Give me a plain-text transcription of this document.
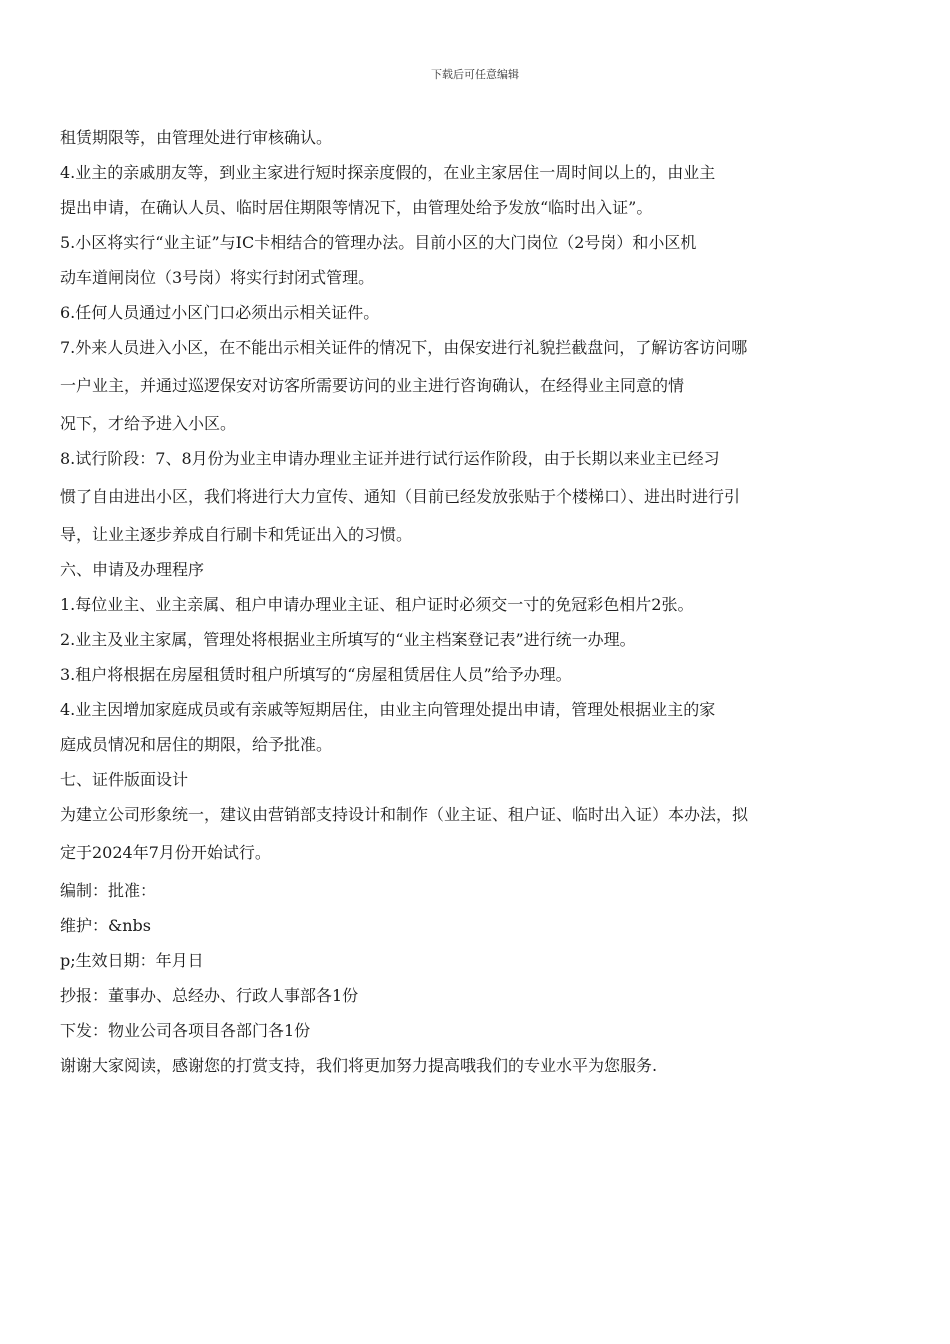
下载后可任意编辑
租赁期限等，由管理处进行审核确认。
4.业主的亲戚朋友等，到业主家进行短时探亲度假的，在业主家居住一周时间以上的，由业主
提出申请，在确认人员、临时居住期限等情况下，由管理处给予发放“临时出入证”。
5.小区将实行“业主证”与IC卡相结合的管理办法。目前小区的大门岗位（2号岗）和小区机
动车道闸岗位（3号岗）将实行封闭式管理。
6.任何人员通过小区门口必须出示相关证件。
7.外来人员进入小区，在不能出示相关证件的情况下，由保安进行礼貌拦截盘问，了解访客访问哪
一户业主，并通过巡逻保安对访客所需要访问的业主进行咨询确认，在经得业主同意的情
况下，才给予进入小区。
8.试行阶段：7、8月份为业主申请办理业主证并进行试行运作阶段，由于长期以来业主已经习
惯了自由进出小区，我们将进行大力宣传、通知（目前已经发放张贴于个楼梯口）、进出时进行引
导，让业主逐步养成自行刷卡和凭证出入的习惯。
六、申请及办理程序
1.每位业主、业主亲属、租户申请办理业主证、租户证时必须交一寸的免冠彩色相片2张。
2.业主及业主家属，管理处将根据业主所填写的“业主档案登记表”进行统一办理。
3.租户将根据在房屋租赁时租户所填写的“房屋租赁居住人员”给予办理。
4.业主因增加家庭成员或有亲戚等短期居住，由业主向管理处提出申请，管理处根据业主的家
庭成员情况和居住的期限，给予批准。
七、证件版面设计
为建立公司形象统一，建议由营销部支持设计和制作（业主证、租户证、临时出入证）本办法，拟
定于2024年7月份开始试行。
编制：批准：
维护：&nbs
p;生效日期：年月日
抄报：董事办、总经办、行政人事部各1份
下发：物业公司各项目各部门各1份
谢谢大家阅读，感谢您的打赏支持，我们将更加努力提高哦我们的专业水平为您服务.
